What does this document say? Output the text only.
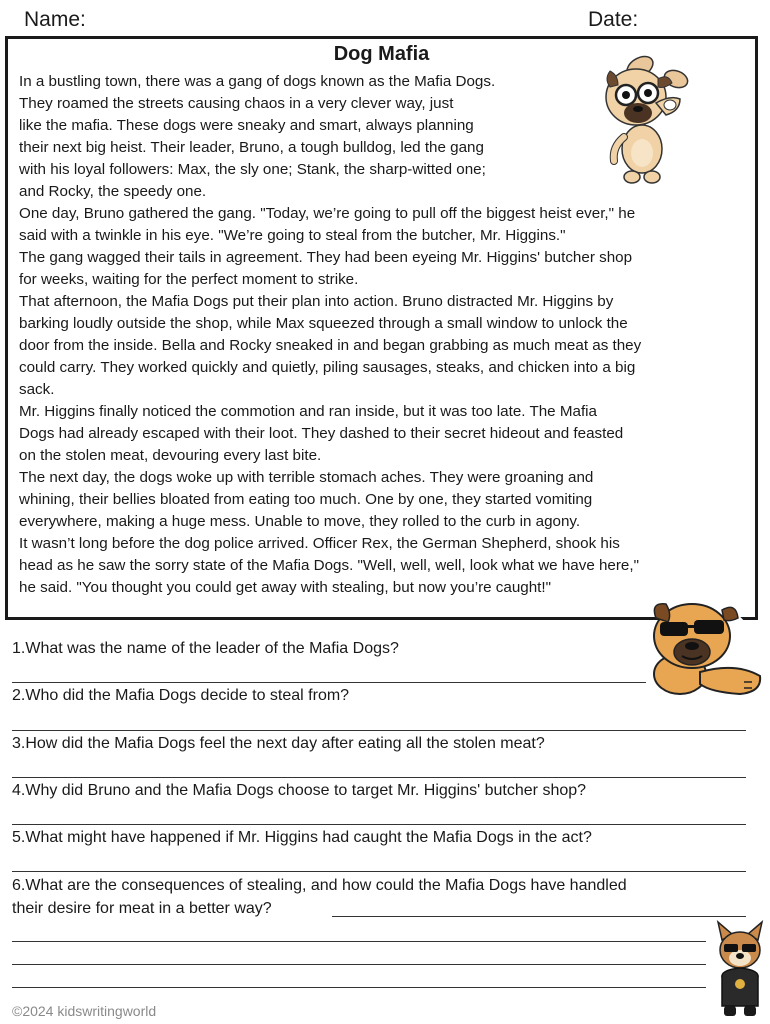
Name:	Date:
Dog Mafia
In a bustling town, there was a gang of dogs known as the Mafia Dogs.
They roamed the streets causing chaos in a very clever way, just
like the mafia. These dogs were sneaky and smart, always planning
their next big heist. Their leader, Bruno, a tough bulldog, led the gang
with his loyal followers: Max, the sly one; Stank, the sharp-witted one;
and Rocky, the speedy one.
One day, Bruno gathered the gang. "Today, we’re going to pull off the biggest heist ever," he
said with a twinkle in his eye. "We’re going to steal from the butcher, Mr. Higgins."
The gang wagged their tails in agreement. They had been eyeing Mr. Higgins' butcher shop
for weeks, waiting for the perfect moment to strike.
That afternoon, the Mafia Dogs put their plan into action. Bruno distracted Mr. Higgins by
barking loudly outside the shop, while Max squeezed through a small window to unlock the
door from the inside. Bella and Rocky sneaked in and began grabbing as much meat as they
could carry. They worked quickly and quietly, piling sausages, steaks, and chicken into a big
sack.
Mr. Higgins finally noticed the commotion and ran inside, but it was too late. The Mafia
Dogs had already escaped with their loot. They dashed to their secret hideout and feasted
on the stolen meat, devouring every last bite.
The next day, the dogs woke up with terrible stomach aches. They were groaning and
whining, their bellies bloated from eating too much. One by one, they started vomiting
everywhere, making a huge mess. Unable to move, they rolled to the curb in agony.
It wasn’t long before the dog police arrived. Officer Rex, the German Shepherd, shook his
head as he saw the sorry state of the Mafia Dogs. "Well, well, well, look what we have here,"
he said. "You thought you could get away with stealing, but now you’re caught!"
1.What was the name of the leader of the Mafia Dogs?
2.Who did the Mafia Dogs decide to steal from?
3.How did the Mafia Dogs feel the next day after eating all the stolen meat?
4.Why did Bruno and the Mafia Dogs choose to target Mr. Higgins' butcher shop?
5.What might have happened if Mr. Higgins had caught the Mafia Dogs in the act?
6.What are the consequences of stealing, and how could the Mafia Dogs have handled
their desire for meat in a better way?
©2024 kidswritingworld
